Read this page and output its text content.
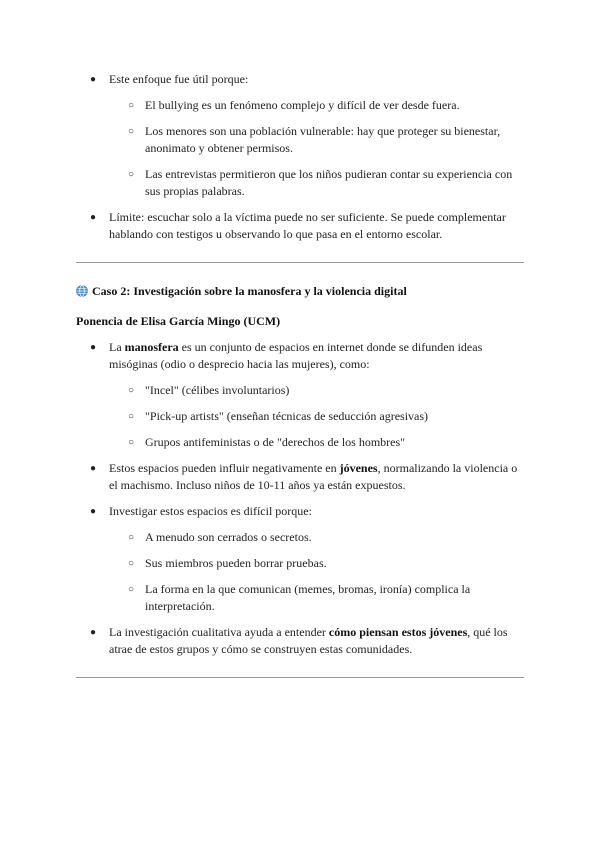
● Este enfoque fue útil porque:
○ El bullying es un fenómeno complejo y difícil de ver desde fuera.
○ Los menores son una población vulnerable: hay que proteger su bienestar, anonimato y obtener permisos.
○ Las entrevistas permitieron que los niños pudieran contar su experiencia con sus propias palabras.
● Límite: escuchar solo a la víctima puede no ser suficiente. Se puede complementar hablando con testigos u observando lo que pasa en el entorno escolar.
Caso 2: Investigación sobre la manosfera y la violencia digital
Ponencia de Elisa García Mingo (UCM)
● La manosfera es un conjunto de espacios en internet donde se difunden ideas misóginas (odio o desprecio hacia las mujeres), como:
○ "Incel" (célibes involuntarios)
○ "Pick-up artists" (enseñan técnicas de seducción agresivas)
○ Grupos antifeministas o de "derechos de los hombres"
● Estos espacios pueden influir negativamente en jóvenes, normalizando la violencia o el machismo. Incluso niños de 10-11 años ya están expuestos.
● Investigar estos espacios es difícil porque:
○ A menudo son cerrados o secretos.
○ Sus miembros pueden borrar pruebas.
○ La forma en la que comunican (memes, bromas, ironía) complica la interpretación.
● La investigación cualitativa ayuda a entender cómo piensan estos jóvenes, qué los atrae de estos grupos y cómo se construyen estas comunidades.
